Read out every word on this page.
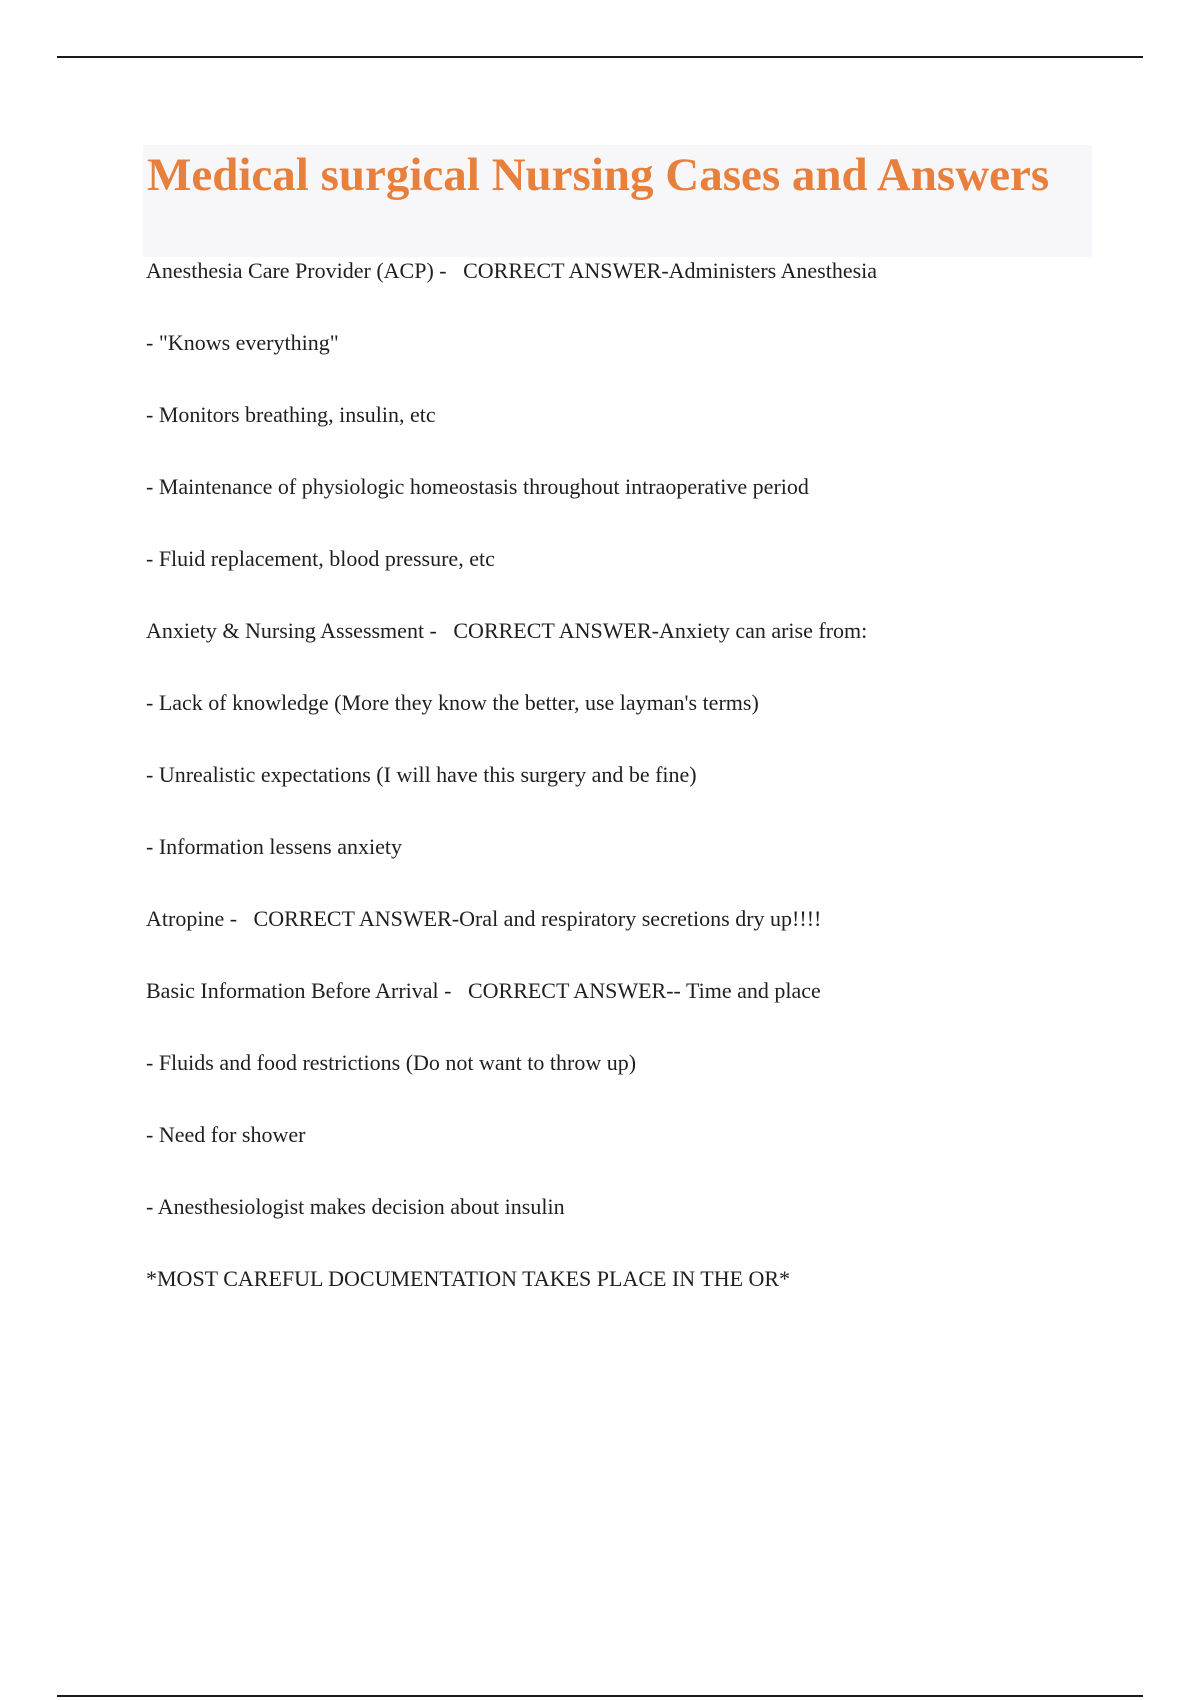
Medical surgical Nursing Cases and Answers
Anesthesia Care Provider (ACP) -   CORRECT ANSWER-Administers Anesthesia
- "Knows everything"
- Monitors breathing, insulin, etc
- Maintenance of physiologic homeostasis throughout intraoperative period
- Fluid replacement, blood pressure, etc
Anxiety & Nursing Assessment -   CORRECT ANSWER-Anxiety can arise from:
- Lack of knowledge (More they know the better, use layman's terms)
- Unrealistic expectations (I will have this surgery and be fine)
- Information lessens anxiety
Atropine -   CORRECT ANSWER-Oral and respiratory secretions dry up!!!!
Basic Information Before Arrival -   CORRECT ANSWER-- Time and place
- Fluids and food restrictions (Do not want to throw up)
- Need for shower
- Anesthesiologist makes decision about insulin
*MOST CAREFUL DOCUMENTATION TAKES PLACE IN THE OR*
